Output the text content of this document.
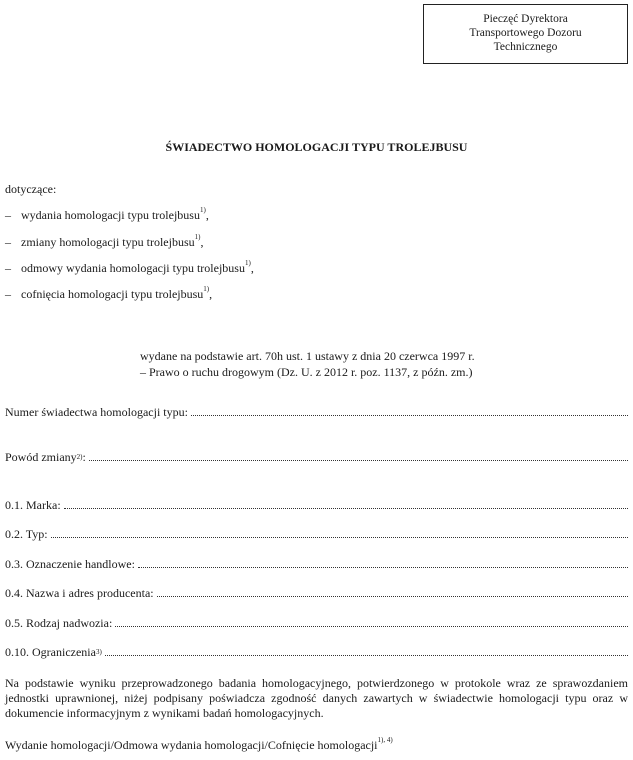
Pieczęć Dyrektora
Transportowego Dozoru
Technicznego
ŚWIADECTWO HOMOLOGACJI TYPU TROLEJBUSU
dotyczące:
– wydania homologacji typu trolejbusu$^{1)}$,
– zmiany homologacji typu trolejbusu$^{1)}$,
– odmowy wydania homologacji typu trolejbusu$^{1)}$,
– cofnięcia homologacji typu trolejbusu$^{1)}$,
wydane na podstawie art. 70h ust. 1 ustawy z dnia 20 czerwca 1997 r.
– Prawo o ruchu drogowym (Dz. U. z 2012 r. poz. 1137, z późn. zm.)
Numer świadectwa homologacji typu:
Powód zmiany$^{2)}$ :
0.1. Marka:
0.2. Typ:
0.3. Oznaczenie handlowe:
0.4. Nazwa i adres producenta:
0.5. Rodzaj nadwozia:
0.10. Ograniczenia$^{3)}$
Na podstawie wyniku przeprowadzonego badania homologacyjnego, potwierdzonego w protokole wraz ze sprawozdaniem jednostki uprawnionej, niżej podpisany poświadcza zgodność danych zawartych w świadectwie homologacji typu oraz w dokumencie informacyjnym z wynikami badań homologacyjnych.
Wydanie homologacji/Odmowa wydania homologacji/Cofnięcie homologacji$^{1), 4)}$
